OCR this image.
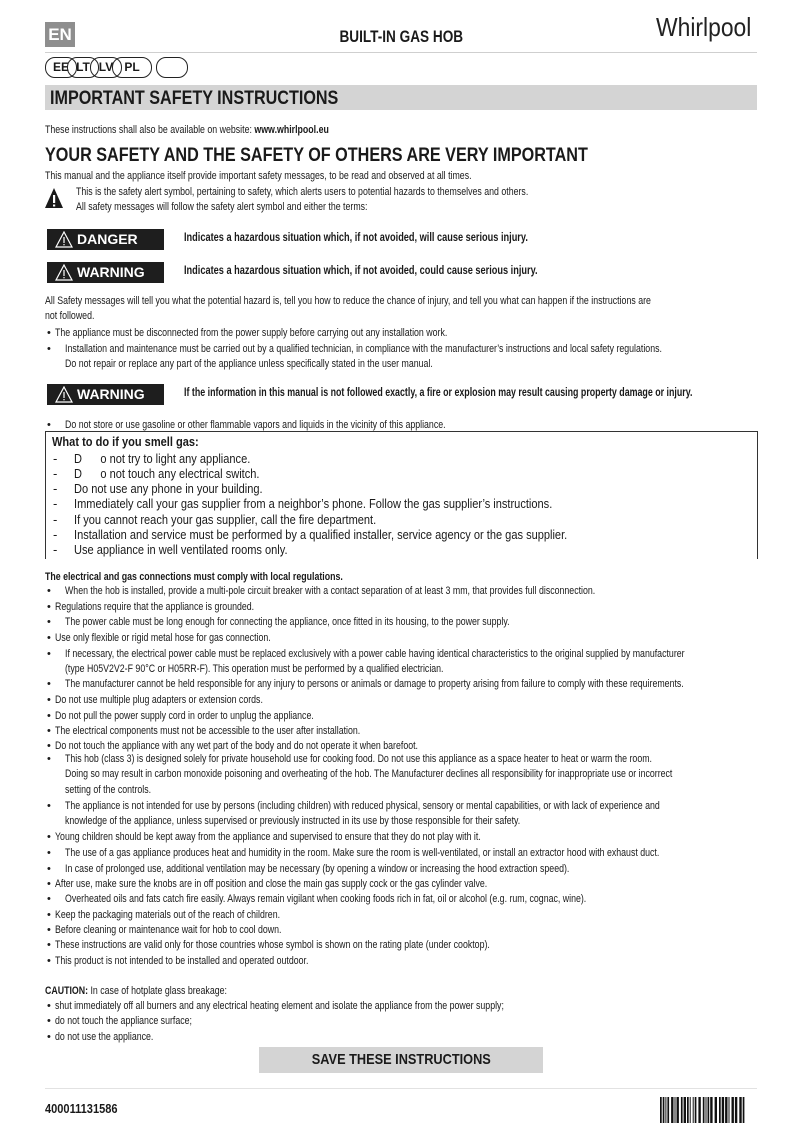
EN	BUILT-IN GAS HOB	Whirlpool
EE LT LV PL
IMPORTANT SAFETY INSTRUCTIONS
These instructions shall also be available on website: www.whirlpool.eu
YOUR SAFETY AND THE SAFETY OF OTHERS ARE VERY IMPORTANT
This manual and the appliance itself provide important safety messages, to be read and observed at all times.
This is the safety alert symbol, pertaining to safety, which alerts users to potential hazards to themselves and others.
All safety messages will follow the safety alert symbol and either the terms:
DANGER	Indicates a hazardous situation which, if not avoided, will cause serious injury.
WARNING	Indicates a hazardous situation which, if not avoided, could cause serious injury.
All Safety messages will tell you what the potential hazard is, tell you how to reduce the chance of injury, and tell you what can happen if the instructions are
not followed.
• The appliance must be disconnected from the power supply before carrying out any installation work.
• Installation and maintenance must be carried out by a qualified technician, in compliance with the manufacturer’s instructions and local safety regulations.
Do not repair or replace any part of the appliance unless specifically stated in the user manual.
WARNING	If the information in this manual is not followed exactly, a fire or explosion may result causing property damage or injury.
• Do not store or use gasoline or other flammable vapors and liquids in the vicinity of this appliance.
What to do if you smell gas:
- D      o not try to light any appliance.
- D      o not touch any electrical switch.
- Do not use any phone in your building.
- Immediately call your gas supplier from a neighbor’s phone. Follow the gas supplier’s instructions.
- If you cannot reach your gas supplier, call the fire department.
- Installation and service must be performed by a qualified installer, service agency or the gas supplier.
- Use appliance in well ventilated rooms only.
The electrical and gas connections must comply with local regulations.
• When the hob is installed, provide a multi-pole circuit breaker with a contact separation of at least 3 mm, that provides full disconnection.
• Regulations require that the appliance is grounded.
• The power cable must be long enough for connecting the appliance, once fitted in its housing, to the power supply.
• Use only flexible or rigid metal hose for gas connection.
• If necessary, the electrical power cable must be replaced exclusively with a power cable having identical characteristics to the original supplied by manufacturer
(type H05V2V2-F 90°C or H05RR-F). This operation must be performed by a qualified electrician.
• The manufacturer cannot be held responsible for any injury to persons or animals or damage to property arising from failure to comply with these requirements.
• Do not use multiple plug adapters or extension cords.
• Do not pull the power supply cord in order to unplug the appliance.
• The electrical components must not be accessible to the user after installation.
• Do not touch the appliance with any wet part of the body and do not operate it when barefoot.
• This hob (class 3) is designed solely for private household use for cooking food. Do not use this appliance as a space heater to heat or warm the room.
Doing so may result in carbon monoxide poisoning and overheating of the hob. The Manufacturer declines all responsibility for inappropriate use or incorrect
setting of the controls.
• The appliance is not intended for use by persons (including children) with reduced physical, sensory or mental capabilities, or with lack of experience and
knowledge of the appliance, unless supervised or previously instructed in its use by those responsible for their safety.
• Young children should be kept away from the appliance and supervised to ensure that they do not play with it.
• The use of a gas appliance produces heat and humidity in the room. Make sure the room is well-ventilated, or install an extractor hood with exhaust duct.
• In case of prolonged use, additional ventilation may be necessary (by opening a window or increasing the hood extraction speed).
• After use, make sure the knobs are in off position and close the main gas supply cock or the gas cylinder valve.
• Overheated oils and fats catch fire easily. Always remain vigilant when cooking foods rich in fat, oil or alcohol (e.g. rum, cognac, wine).
• Keep the packaging materials out of the reach of children.
• Before cleaning or maintenance wait for hob to cool down.
• These instructions are valid only for those countries whose symbol is shown on the rating plate (under cooktop).
• This product is not intended to be installed and operated outdoor.
CAUTION: In case of hotplate glass breakage:
• shut immediately off all burners and any electrical heating element and isolate the appliance from the power supply;
• do not touch the appliance surface;
• do not use the appliance.
SAVE THESE INSTRUCTIONS
400011131586
